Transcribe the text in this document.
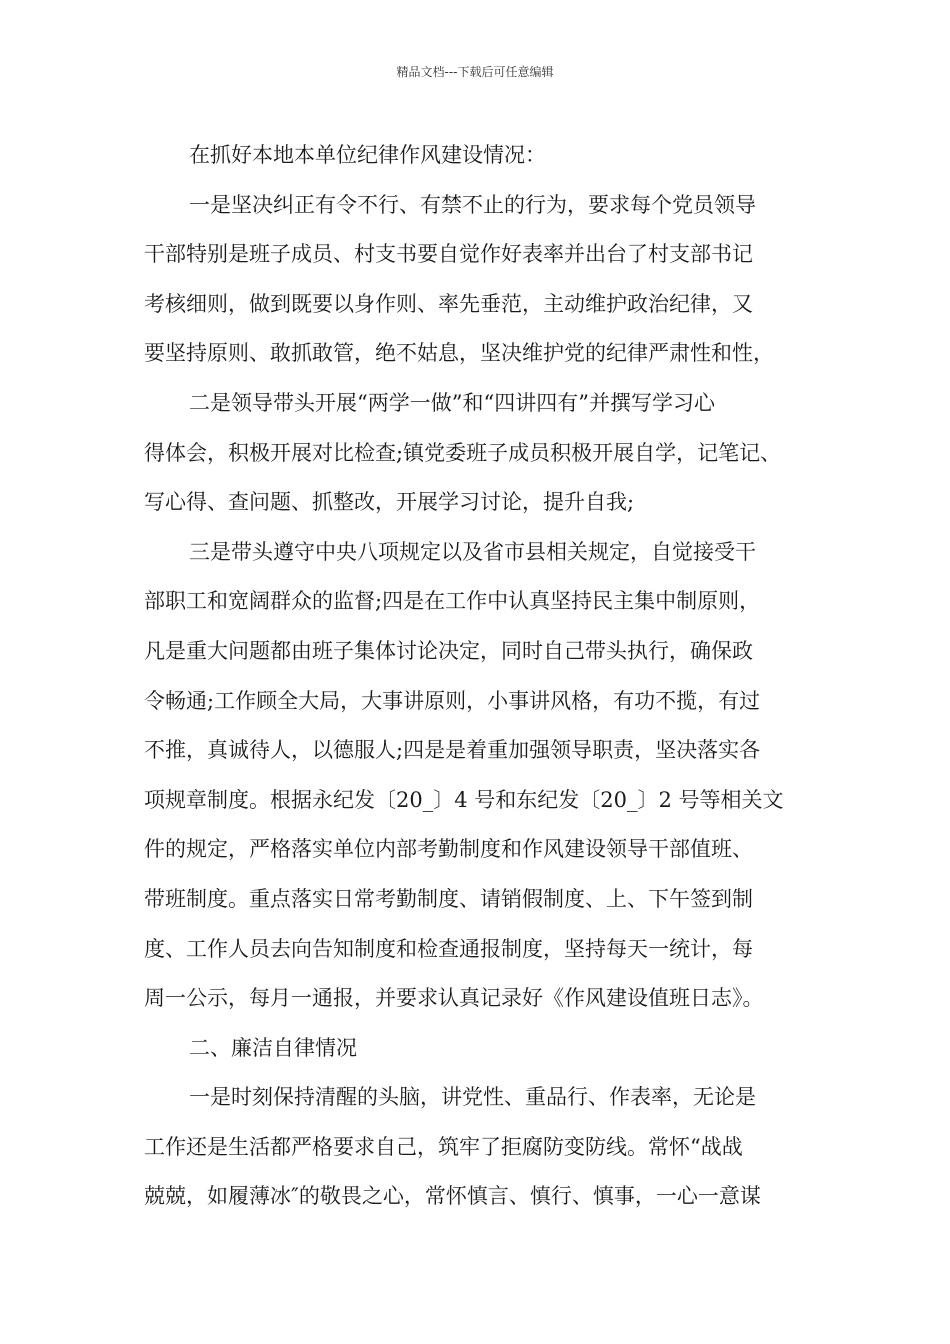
精品文档---下载后可任意编辑
在抓好本地本单位纪律作风建设情况：
一是坚决纠正有令不行、有禁不止的行为，要求每个党员领导
干部特别是班子成员、村支书要自觉作好表率并出台了村支部书记
考核细则，做到既要以身作则、率先垂范，主动维护政治纪律，又
要坚持原则、敢抓敢管，绝不姑息，坚决维护党的纪律严肃性和性，
二是领导带头开展“两学一做”和“四讲四有”并撰写学习心
得体会，积极开展对比检查;镇党委班子成员积极开展自学，记笔记、
写心得、查问题、抓整改，开展学习讨论，提升自我;
三是带头遵守中央八项规定以及省市县相关规定，自觉接受干
部职工和宽阔群众的监督;四是在工作中认真坚持民主集中制原则，
凡是重大问题都由班子集体讨论决定，同时自己带头执行，确保政
令畅通;工作顾全大局，大事讲原则，小事讲风格，有功不揽，有过
不推，真诚待人，以德服人;四是是着重加强领导职责，坚决落实各
项规章制度。根据永纪发〔20_〕4 号和东纪发〔20_〕2 号等相关文
件的规定，严格落实单位内部考勤制度和作风建设领导干部值班、
带班制度。重点落实日常考勤制度、请销假制度、上、下午签到制
度、工作人员去向告知制度和检查通报制度，坚持每天一统计，每
周一公示，每月一通报，并要求认真记录好《作风建设值班日志》。
二、廉洁自律情况
一是时刻保持清醒的头脑，讲党性、重品行、作表率，无论是
工作还是生活都严格要求自己，筑牢了拒腐防变防线。常怀“战战
兢兢，如履薄冰″的敬畏之心，常怀慎言、慎行、慎事，一心一意谋
